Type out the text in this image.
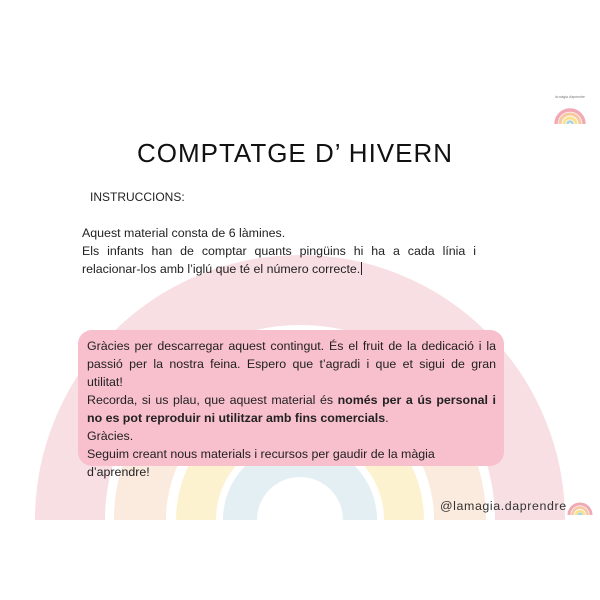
la màgia d'aprendre
COMPTATGE D’ HIVERN
INSTRUCCIONS:

Aquest material consta de 6 làmines.

Els infants han de comptar quants pingüins hi ha a cada línia i relacionar-los amb l’iglú que té el número correcte.

Gràcies per descarregar aquest contingut. És el fruit de la dedicació i la passió per la nostra feina. Espero que t’agradi i que et sigui de gran utilitat!

Recorda, si us plau, que aquest material és només per a ús personal i no es pot reproduir ni utilitzar amb fins comercials.

Gràcies.

Seguim creant nous materials i recursos per gaudir de la màgia d’aprendre!

@lamagia.daprendre
